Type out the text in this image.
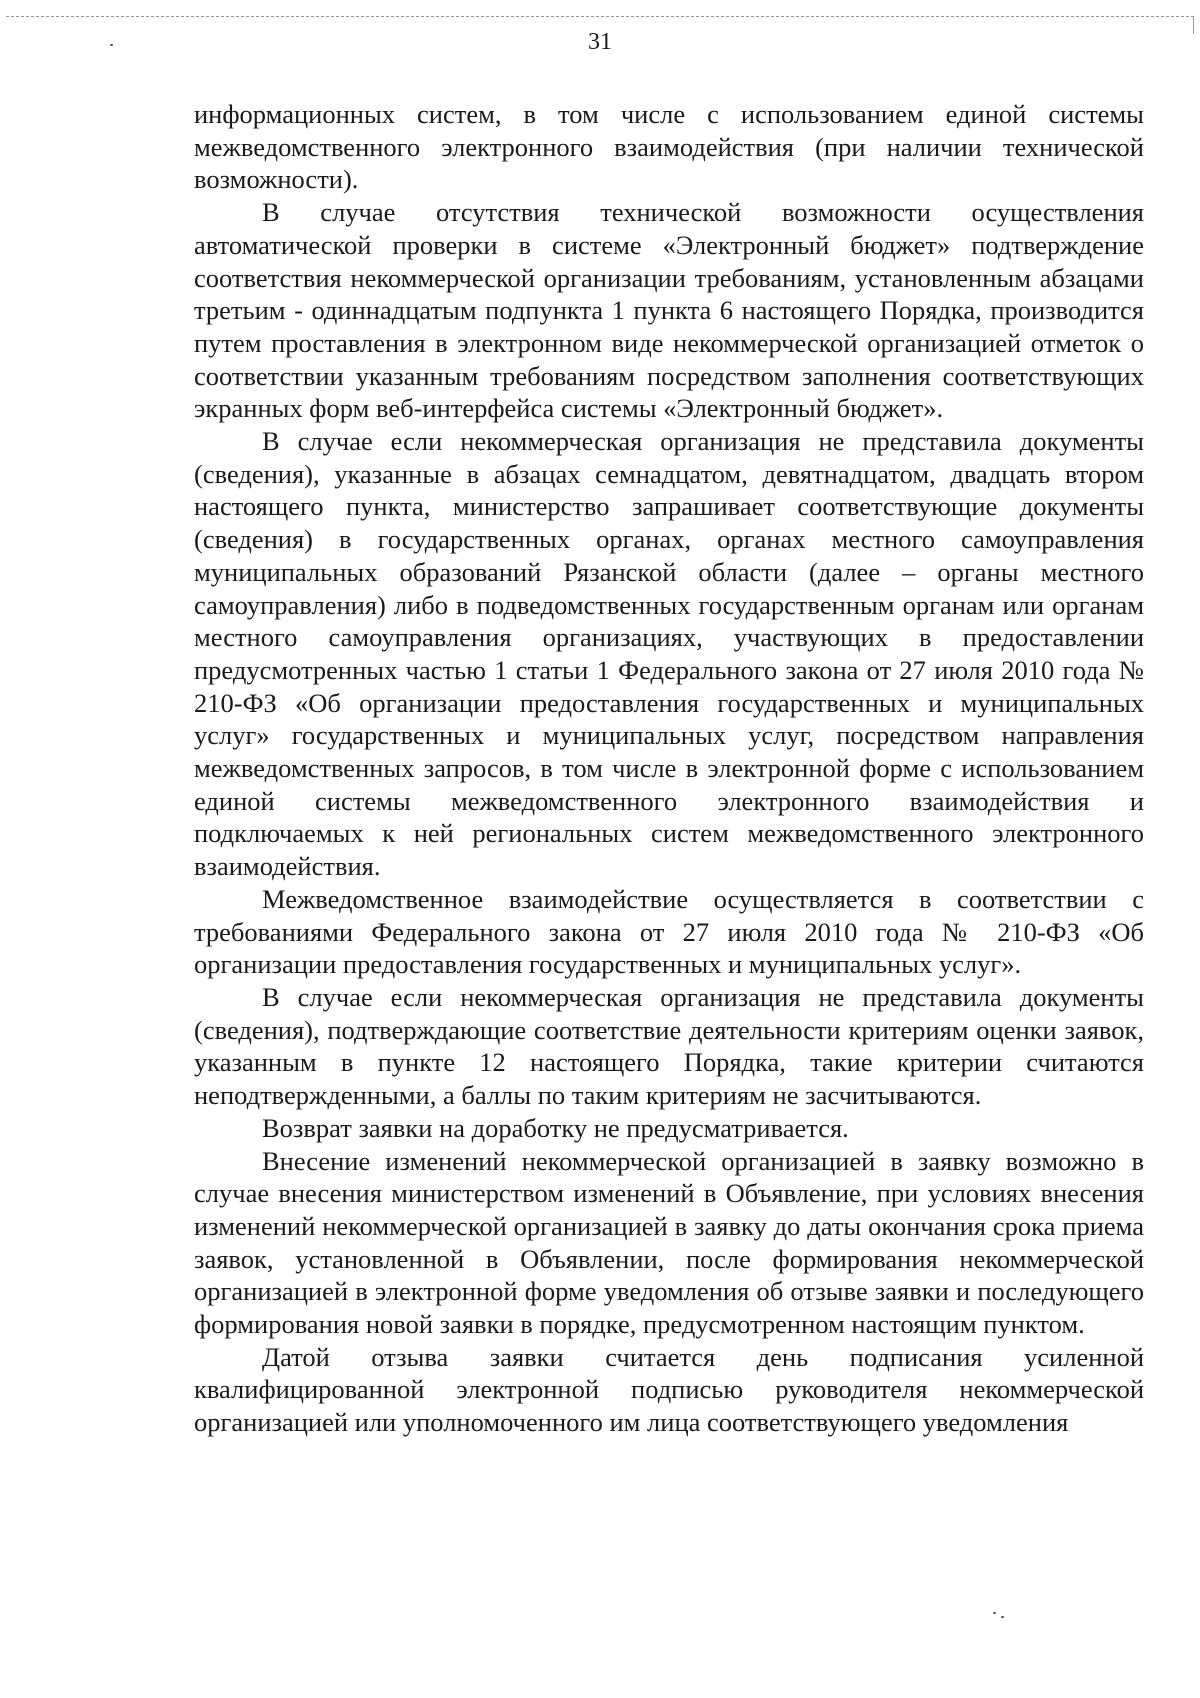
31

информационных систем, в том числе с использованием единой системы межведомственного электронного взаимодействия (при наличии технической возможности).

В случае отсутствия технической возможности осуществления автоматической проверки в системе «Электронный бюджет» подтверждение соответствия некоммерческой организации требованиям, установленным абзацами третьим - одиннадцатым подпункта 1 пункта 6 настоящего Порядка, производится путем проставления в электронном виде некоммерческой организацией отметок о соответствии указанным требованиям посредством заполнения соответствующих экранных форм веб-интерфейса системы «Электронный бюджет».

В случае если некоммерческая организация не представила документы (сведения), указанные в абзацах семнадцатом, девятнадцатом, двадцать втором настоящего пункта, министерство запрашивает соответствующие документы (сведения) в государственных органах, органах местного самоуправления муниципальных образований Рязанской области (далее – органы местного самоуправления) либо в подведомственных государственным органам или органам местного самоуправления организациях, участвующих в предоставлении предусмотренных частью 1 статьи 1 Федерального закона от 27 июля 2010 года № 210-ФЗ «Об организации предоставления государственных и муниципальных услуг» государственных и муниципальных услуг, посредством направления межведомственных запросов, в том числе в электронной форме с использованием единой системы межведомственного электронного взаимодействия и подключаемых к ней региональных систем межведомственного электронного взаимодействия.

Межведомственное взаимодействие осуществляется в соответствии с требованиями Федерального закона от 27 июля 2010 года № 210-ФЗ «Об организации предоставления государственных и муниципальных услуг».

В случае если некоммерческая организация не представила документы (сведения), подтверждающие соответствие деятельности критериям оценки заявок, указанным в пункте 12 настоящего Порядка, такие критерии считаются неподтвержденными, а баллы по таким критериям не засчитываются.

Возврат заявки на доработку не предусматривается.

Внесение изменений некоммерческой организацией в заявку возможно в случае внесения министерством изменений в Объявление, при условиях внесения изменений некоммерческой организацией в заявку до даты окончания срока приема заявок, установленной в Объявлении, после формирования некоммерческой организацией в электронной форме уведомления об отзыве заявки и последующего формирования новой заявки в порядке, предусмотренном настоящим пунктом.

Датой отзыва заявки считается день подписания усиленной квалифицированной электронной подписью руководителя некоммерческой организацией или уполномоченного им лица соответствующего уведомления
